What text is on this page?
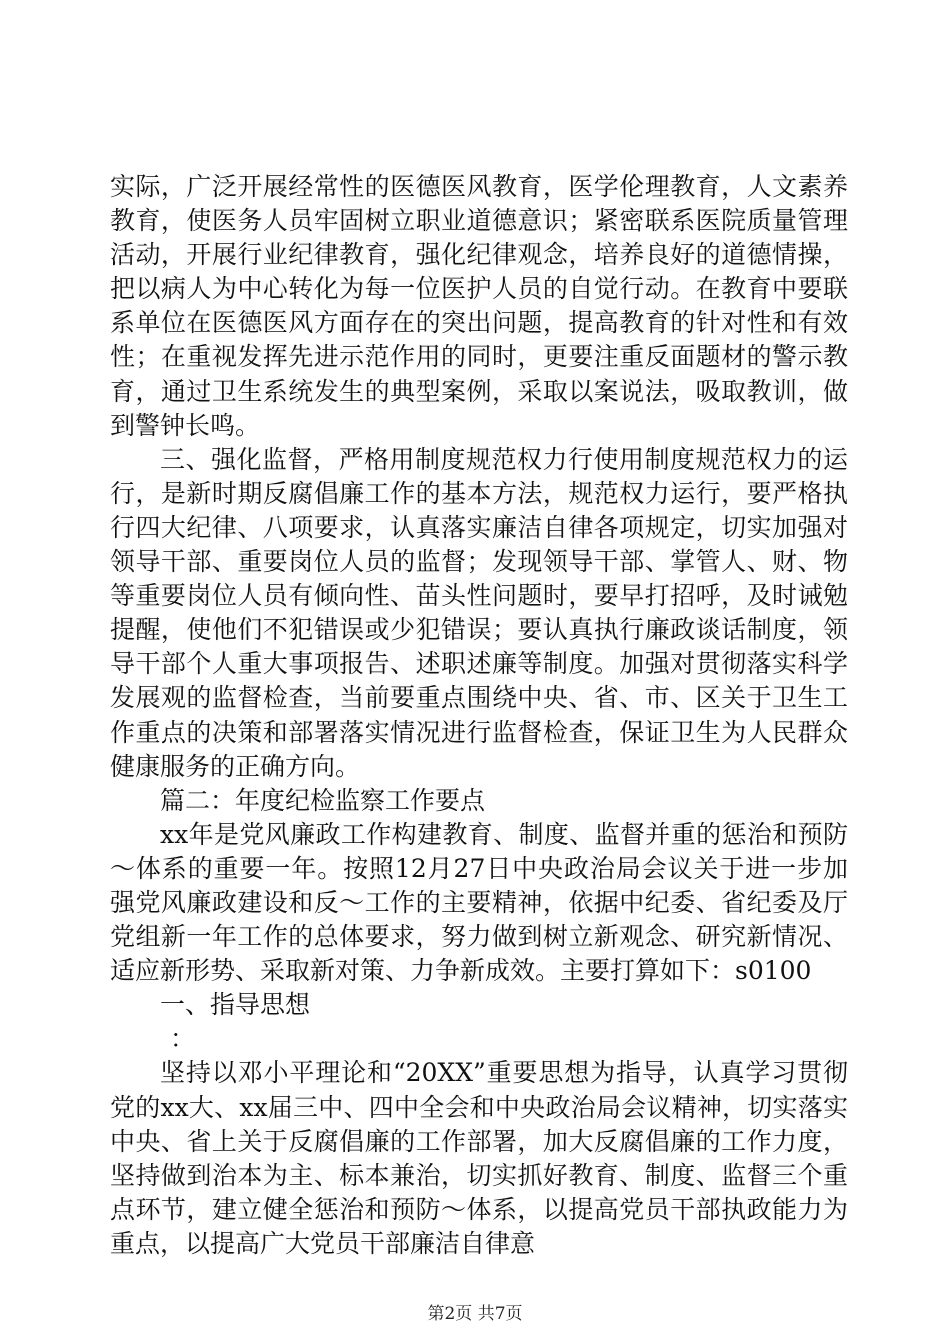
实际，广泛开展经常性的医德医风教育，医学伦理教育，人文素养教育，使医务人员牢固树立职业道德意识；紧密联系医院质量管理活动，开展行业纪律教育，强化纪律观念，培养良好的道德情操，把以病人为中心转化为每一位医护人员的自觉行动。在教育中要联系单位在医德医风方面存在的突出问题，提高教育的针对性和有效性；在重视发挥先进示范作用的同时，更要注重反面题材的警示教育，通过卫生系统发生的典型案例，采取以案说法，吸取教训，做到警钟长鸣。

三、强化监督，严格用制度规范权力行使用制度规范权力的运行，是新时期反腐倡廉工作的基本方法，规范权力运行，要严格执行四大纪律、八项要求，认真落实廉洁自律各项规定，切实加强对领导干部、重要岗位人员的监督；发现领导干部、掌管人、财、物等重要岗位人员有倾向性、苗头性问题时，要早打招呼，及时诫勉提醒，使他们不犯错误或少犯错误；要认真执行廉政谈话制度，领导干部个人重大事项报告、述职述廉等制度。加强对贯彻落实科学发展观的监督检查，当前要重点围绕中央、省、市、区关于卫生工作重点的决策和部署落实情况进行监督检查，保证卫生为人民群众健康服务的正确方向。

篇二：年度纪检监察工作要点

xx年是党风廉政工作构建教育、制度、监督并重的惩治和预防～体系的重要一年。按照12月27日中央政治局会议关于进一步加强党风廉政建设和反～工作的主要精神，依据中纪委、省纪委及厅党组新一年工作的总体要求，努力做到树立新观念、研究新情况、适应新形势、采取新对策、力争新成效。主要打算如下：s0100

一、指导思想

：

坚持以邓小平理论和“20XX”重要思想为指导，认真学习贯彻党的xx大、xx届三中、四中全会和中央政治局会议精神，切实落实中央、省上关于反腐倡廉的工作部署，加大反腐倡廉的工作力度，坚持做到治本为主、标本兼治，切实抓好教育、制度、监督三个重点环节，建立健全惩治和预防～体系，以提高党员干部执政能力为重点，以提高广大党员干部廉洁自律意

第2页 共7页
